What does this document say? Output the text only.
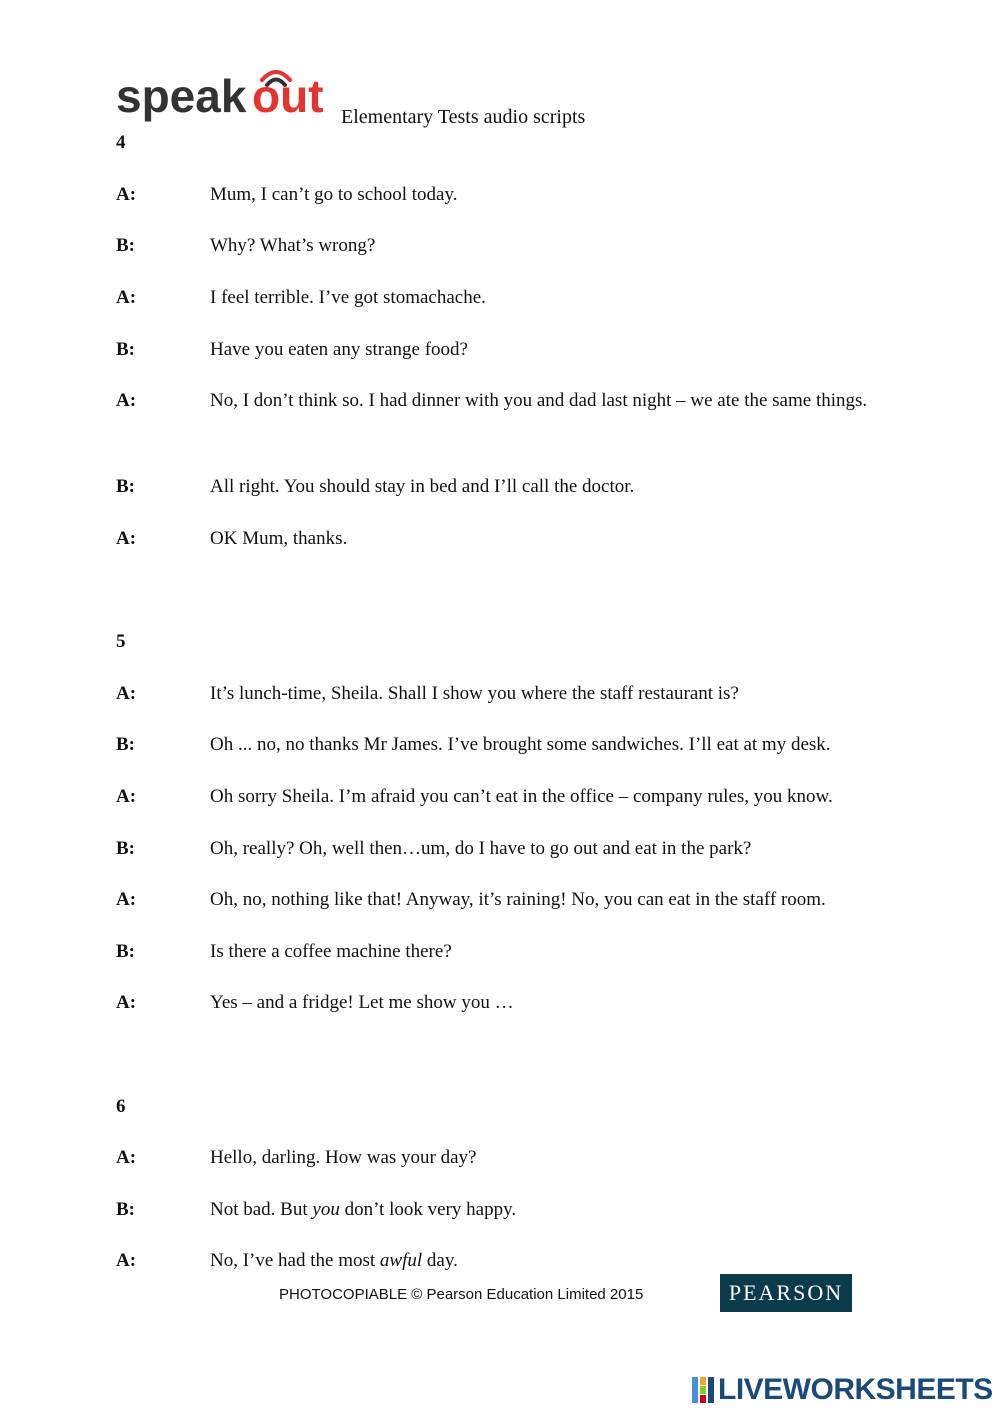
speak out Elementary Tests audio scripts
4
A:	Mum, I can’t go to school today.
B:	Why? What’s wrong?
A:	I feel terrible. I’ve got stomachache.
B:	Have you eaten any strange food?
A:	No, I don’t think so. I had dinner with you and dad last night – we ate the same things.
B:	All right. You should stay in bed and I’ll call the doctor.
A:	OK Mum, thanks.
5
A:	It’s lunch-time, Sheila. Shall I show you where the staff restaurant is?
B:	Oh ... no, no thanks Mr James. I’ve brought some sandwiches. I’ll eat at my desk.
A:	Oh sorry Sheila. I’m afraid you can’t eat in the office – company rules, you know.
B:	Oh, really? Oh, well then…um, do I have to go out and eat in the park?
A:	Oh, no, nothing like that! Anyway, it’s raining! No, you can eat in the staff room.
B:	Is there a coffee machine there?
A:	Yes – and a fridge! Let me show you …
6
A:	Hello, darling. How was your day?
B:	Not bad. But you don’t look very happy.
A:	No, I’ve had the most awful day.
PHOTOCOPIABLE © Pearson Education Limited 2015	PEARSON
LIVEWORKSHEETS
